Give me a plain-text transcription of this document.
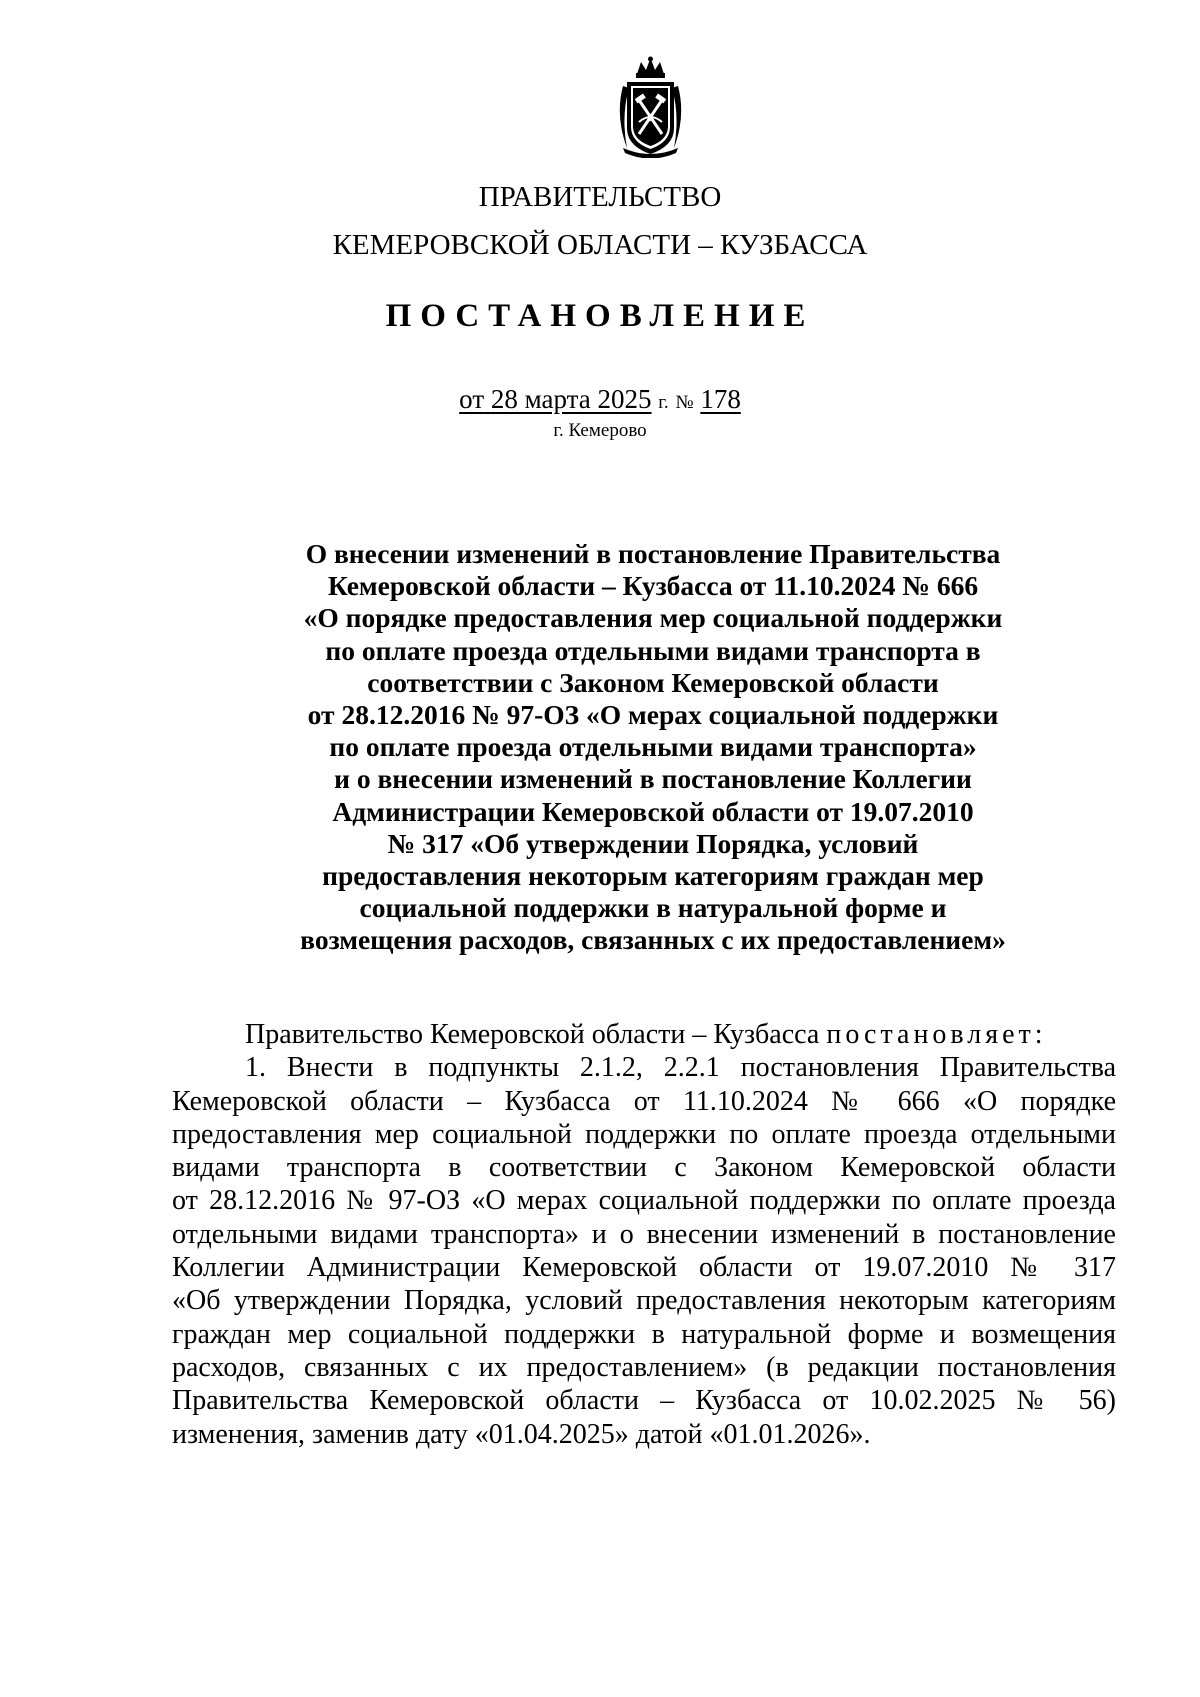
ПРАВИТЕЛЬСТВО
КЕМЕРОВСКОЙ ОБЛАСТИ – КУЗБАССА
ПОСТАНОВЛЕНИЕ
от 28 марта 2025 г. № 178
г. Кемерово
О внесении изменений в постановление Правительства
Кемеровской области – Кузбасса от 11.10.2024 № 666
«О порядке предоставления мер социальной поддержки
по оплате проезда отдельными видами транспорта в
соответствии с Законом Кемеровской области
от 28.12.2016 № 97-ОЗ «О мерах социальной поддержки
по оплате проезда отдельными видами транспорта»
и о внесении изменений в постановление Коллегии
Администрации Кемеровской области от 19.07.2010
№ 317 «Об утверждении Порядка, условий
предоставления некоторым категориям граждан мер
социальной поддержки в натуральной форме и
возмещения расходов, связанных с их предоставлением»
Правительство Кемеровской области – Кузбасса постановляет:
1. Внести в подпункты 2.1.2, 2.2.1 постановления Правительства
Кемеровской области – Кузбасса от 11.10.2024 № 666 «О порядке
предоставления мер социальной поддержки по оплате проезда отдельными
видами транспорта в соответствии с Законом Кемеровской области
от 28.12.2016 № 97-ОЗ «О мерах социальной поддержки по оплате проезда
отдельными видами транспорта» и о внесении изменений в постановление
Коллегии Администрации Кемеровской области от 19.07.2010 № 317
«Об утверждении Порядка, условий предоставления некоторым категориям
граждан мер социальной поддержки в натуральной форме и возмещения
расходов, связанных с их предоставлением» (в редакции постановления
Правительства Кемеровской области – Кузбасса от 10.02.2025 № 56)
изменения, заменив дату «01.04.2025» датой «01.01.2026».
